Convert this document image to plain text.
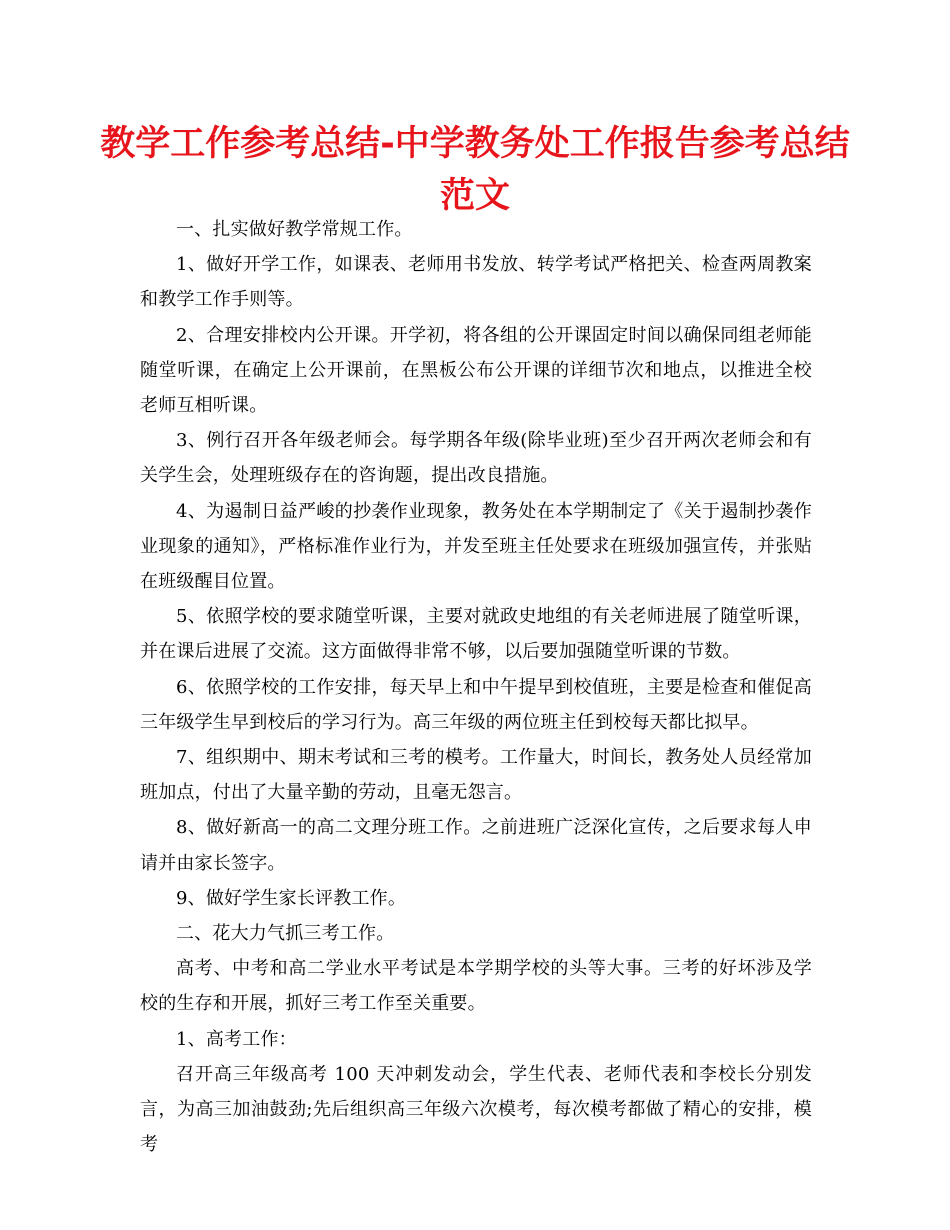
教学工作参考总结-中学教务处工作报告参考总结范文

一、扎实做好教学常规工作。

1、做好开学工作，如课表、老师用书发放、转学考试严格把关、检查两周教案和教学工作手则等。

2、合理安排校内公开课。开学初，将各组的公开课固定时间以确保同组老师能随堂听课，在确定上公开课前，在黑板公布公开课的详细节次和地点，以推进全校老师互相听课。

3、例行召开各年级老师会。每学期各年级(除毕业班)至少召开两次老师会和有关学生会，处理班级存在的咨询题，提出改良措施。

4、为遏制日益严峻的抄袭作业现象，教务处在本学期制定了《关于遏制抄袭作业现象的通知》，严格标准作业行为，并发至班主任处要求在班级加强宣传，并张贴在班级醒目位置。

5、依照学校的要求随堂听课，主要对就政史地组的有关老师进展了随堂听课，并在课后进展了交流。这方面做得非常不够，以后要加强随堂听课的节数。

6、依照学校的工作安排，每天早上和中午提早到校值班，主要是检查和催促高三年级学生早到校后的学习行为。高三年级的两位班主任到校每天都比拟早。

7、组织期中、期末考试和三考的模考。工作量大，时间长，教务处人员经常加班加点，付出了大量辛勤的劳动，且毫无怨言。

8、做好新高一的高二文理分班工作。之前进班广泛深化宣传，之后要求每人申请并由家长签字。

9、做好学生家长评教工作。

二、花大力气抓三考工作。

高考、中考和高二学业水平考试是本学期学校的头等大事。三考的好坏涉及学校的生存和开展，抓好三考工作至关重要。

1、高考工作：

召开高三年级高考 100 天冲刺发动会，学生代表、老师代表和李校长分别发言，为高三加油鼓劲;先后组织高三年级六次模考，每次模考都做了精心的安排，模考
